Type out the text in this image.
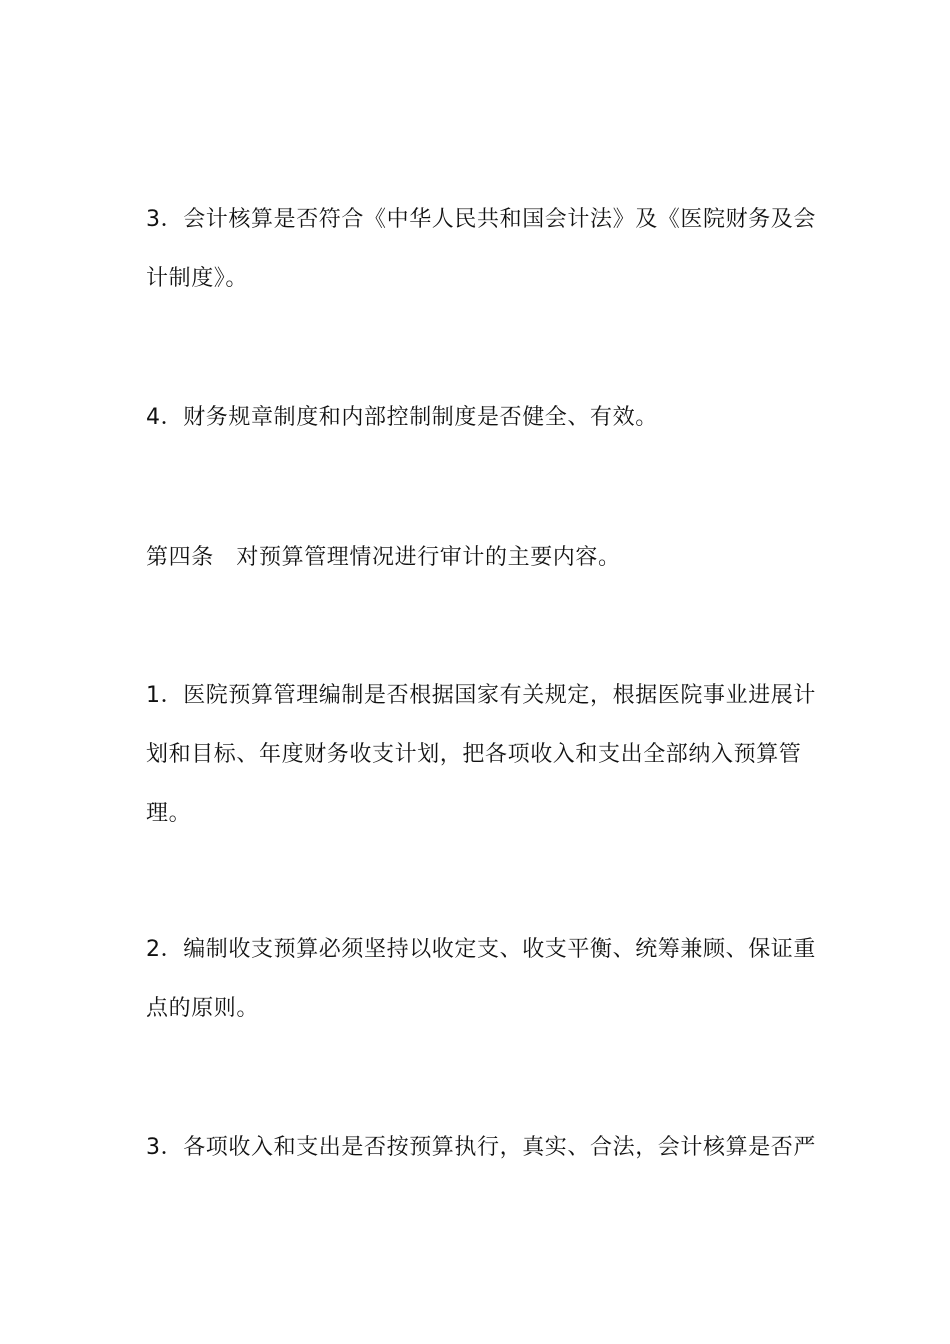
3．会计核算是否符合《中华人民共和国会计法》及《医院财务及会
计制度》。

4．财务规章制度和内部控制制度是否健全、有效。

第四条　对预算管理情况进行审计的主要内容。

1．医院预算管理编制是否根据国家有关规定，根据医院事业进展计
划和目标、年度财务收支计划，把各项收入和支出全部纳入预算管
理。

2．编制收支预算必须坚持以收定支、收支平衡、统筹兼顾、保证重
点的原则。

3．各项收入和支出是否按预算执行，真实、合法，会计核算是否严
